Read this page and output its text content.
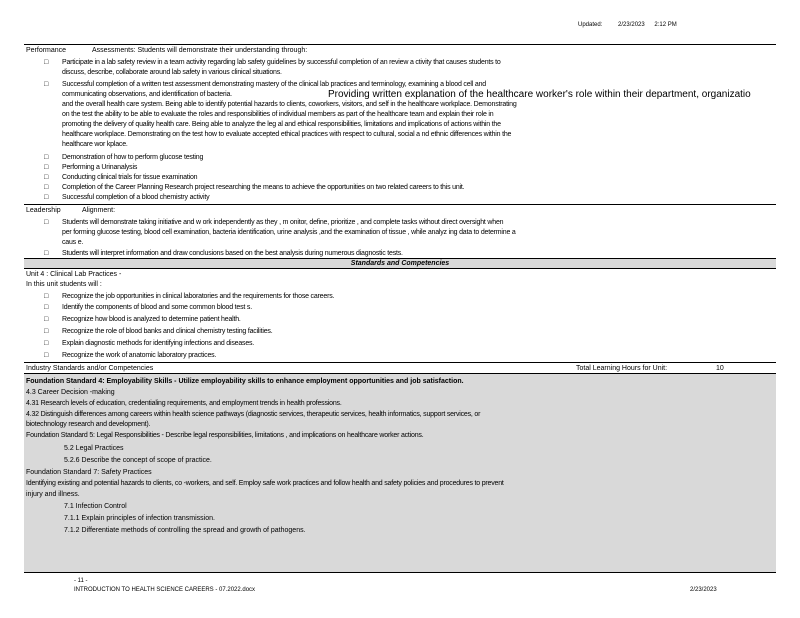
Updated:	2/23/2023 2:12 PM
Performance	Assessments: Students will demonstrate their understanding through:
□ Participate in a lab safety review in a team activity regarding lab safety guidelines by successful completion of an review a ctivity that causes students to
discuss, describe, collaborate around lab safety in various clinical situations.
□ Successful completion of a written test assessment demonstrating mastery of the clinical lab practices and terminology, examining a blood cell and
communicating observations, and identification of bacteria.	Providing written explanation of the healthcare worker's role within their department, organizatio
and the overall health care system. Being able to identify potential hazards to clients, coworkers, visitors, and self in the healthcare workplace. Demonstrating
on the test the ability to be able to evaluate the roles and responsibilities of individual members as part of the healthcare team and explain their role in
promoting the delivery of quality health care. Being able to analyze the leg al and ethical responsibilities, limitations and implications of actions within the
healthcare workplace. Demonstrating on the test how to evaluate accepted ethical practices with respect to cultural, social a nd ethnic differences within the
healthcare wor kplace.
□ Demonstration of how to perform glucose testing
□ Performing a Urinanalysis
□ Conducting clinical trials for tissue examination
□ Completion of the Career Planning Research project researching the means to achieve the opportunities on two related careers to this unit.
□ Successful completion of a blood chemistry activity
Leadership	Alignment:
□ Students will demonstrate taking initiative and w ork independently as they , m onitor, define, prioritize , and complete tasks without direct oversight when
per forming glucose testing, blood cell examination, bacteria identification, urine analysis ,and the examination of tissue , while analyz ing data to determine a
caus e.
□ Students will interpret information and draw conclusions based on the best analysis during numerous diagnostic tests.
Standards and Competencies
Unit 4 : Clinical Lab Practices -
In this unit students will :
□ Recognize the job opportunities in clinical laboratories and the requirements for those careers.
□ Identify the components of blood and some common blood test s.
□ Recognize how blood is analyzed to determine patient health.
□ Recognize the role of blood banks and clinical chemistry testing facilities.
□ Explain diagnostic methods for identifying infections and diseases.
□ Recognize the work of anatomic laboratory practices.
Industry Standards and/or Competencies	Total Learning Hours for Unit:	10
Foundation Standard 4: Employability Skills - Utilize employability skills to enhance employment opportunities and job satisfaction.
4.3 Career Decision -making
4.31 Research levels of education, credentialing requirements, and employment trends in health professions.
4.32 Distinguish differences among careers within health science pathways (diagnostic services, therapeutic services, health informatics, support services, or
biotechnology research and development).
Foundation Standard 5: Legal Responsibilities - Describe legal responsibilities, limitations , and implications on healthcare worker actions.
5.2 Legal Practices
5.2.6 Describe the concept of scope of practice.
Foundation Standard 7: Safety Practices
Identifying existing and potential hazards to clients, co -workers, and self. Employ safe work practices and follow health and safety policies and procedures to prevent
injury and illness.
7.1 Infection Control
7.1.1 Explain principles of infection transmission.
7.1.2 Differentiate methods of controlling the spread and growth of pathogens.
- 11 -
INTRODUCTION TO HEALTH SCIENCE CAREERS - 07.2022.docx	2/23/2023
